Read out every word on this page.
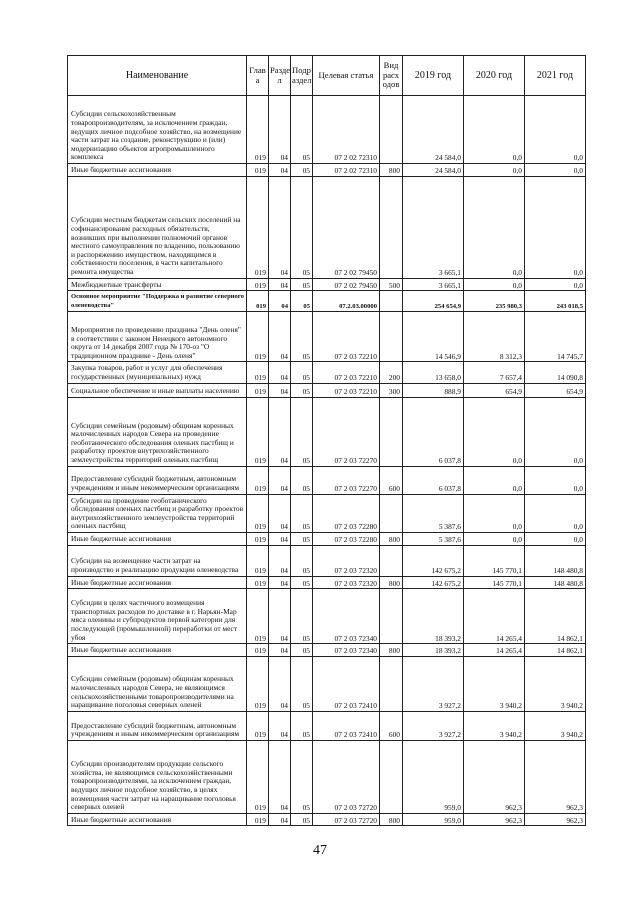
Наименование	Глав а	Разде л	Подр аздел	Целевая статья	Вид расх одов	2019 год	2020 год	2021 год
Субсидии сельскохозяйственным товаропроизводителям, за исключением граждан, ведущих личное подсобное хозяйство, на возмещение части затрат на создание, реконструкцию и (или) модернизацию объектов агропромышленного комплекса	019	04	05	07 2 02 72310		24 584,0	0,0	0,0
Иные бюджетные ассигнования	019	04	05	07 2 02 72310	800	24 584,0	0,0	0,0
Субсидии местным бюджетам сельских поселений на софинансирование расходных обязательств, возникших при выполнении полномочий органов местного самоуправления по владению, пользованию и распоряжению имуществом, находящимся в собственности поселения, в части капитального ремонта имущества	019	04	05	07 2 02 79450		3 665,1	0,0	0,0
Межбюджетные трансферты	019	04	05	07 2 02 79450	500	3 665,1	0,0	0,0
Основное мероприятие "Поддержка и развитие северного оленеводства"	019	04	05	07.2.03.00000		254 654,9	235 980,3	243 018,5
Мероприятия по проведению праздника "День оленя" в соответствии с законом Ненецкого автономного округа от 14 декабря 2007 года № 170-оз "О традиционном празднике - День оленя"	019	04	05	07 2 03 72210		14 546,9	8 312,3	14 745,7
Закупка товаров, работ и услуг для обеспечения государственных (муниципальных) нужд	019	04	05	07 2 03 72210	200	13 658,0	7 657,4	14 090,8
Социальное обеспечение и иные выплаты населению	019	04	05	07 2 03 72210	300	888,9	654,9	654,9
Субсидии семейным (родовым) общинам коренных малочисленных народов Севера на проведение геоботанического обследования оленьих пастбищ и разработку проектов внутрихозяйственного землеустройства территорий оленьих пастбищ	019	04	05	07 2 03 72270		6 037,8	0,0	0,0
Предоставление субсидий бюджетным, автономным учреждениям и иным некоммерческим организациям	019	04	05	07 2 03 72270	600	6 037,8	0,0	0,0
Субсидии на проведение геоботанического обследования оленьих пастбищ и разработку проектов внутрихозяйственного землеустройства территорий оленьих пастбищ	019	04	05	07 2 03 72280		5 387,6	0,0	0,0
Иные бюджетные ассигнования	019	04	05	07 2 03 72280	800	5 387,6	0,0	0,0
Субсидии на возмещение части затрат на производство и реализацию продукции оленеводства	019	04	05	07 2 03 72320		142 675,2	145 770,1	148 480,8
Иные бюджетные ассигнования	019	04	05	07 2 03 72320	800	142 675,2	145 770,1	148 480,8
Субсидии в целях частичного возмещения транспортных расходов по доставке в г. Нарьян-Мар мяса оленины и субпродуктов первой категории для последующей (промышленной) переработки от мест убоя	019	04	05	07 2 03 72340		18 393,2	14 265,4	14 862,1
Иные бюджетные ассигнования	019	04	05	07 2 03 72340	800	18 393,2	14 265,4	14 862,1
Субсидии семейным (родовым) общинам коренных малочисленных народов Севера, не являющимся сельскохозяйственными товаропроизводителями на наращивание поголовья северных оленей	019	04	05	07 2 03 72410		3 927,2	3 940,2	3 940,2
Предоставление субсидий бюджетным, автономным учреждениям и иным некоммерческим организациям	019	04	05	07 2 03 72410	600	3 927,2	3 940,2	3 940,2
Субсидии производителям продукции сельского хозяйства, не являющимся сельскохозяйственными товаропроизводителями, за исключением граждан, ведущих личное подсобное хозяйство, в целях возмещения части затрат на наращивание поголовья северных оленей	019	04	05	07 2 03 72720		959,0	962,3	962,3
Иные бюджетные ассигнования	019	04	05	07 2 03 72720	800	959,0	962,3	962,3
47
